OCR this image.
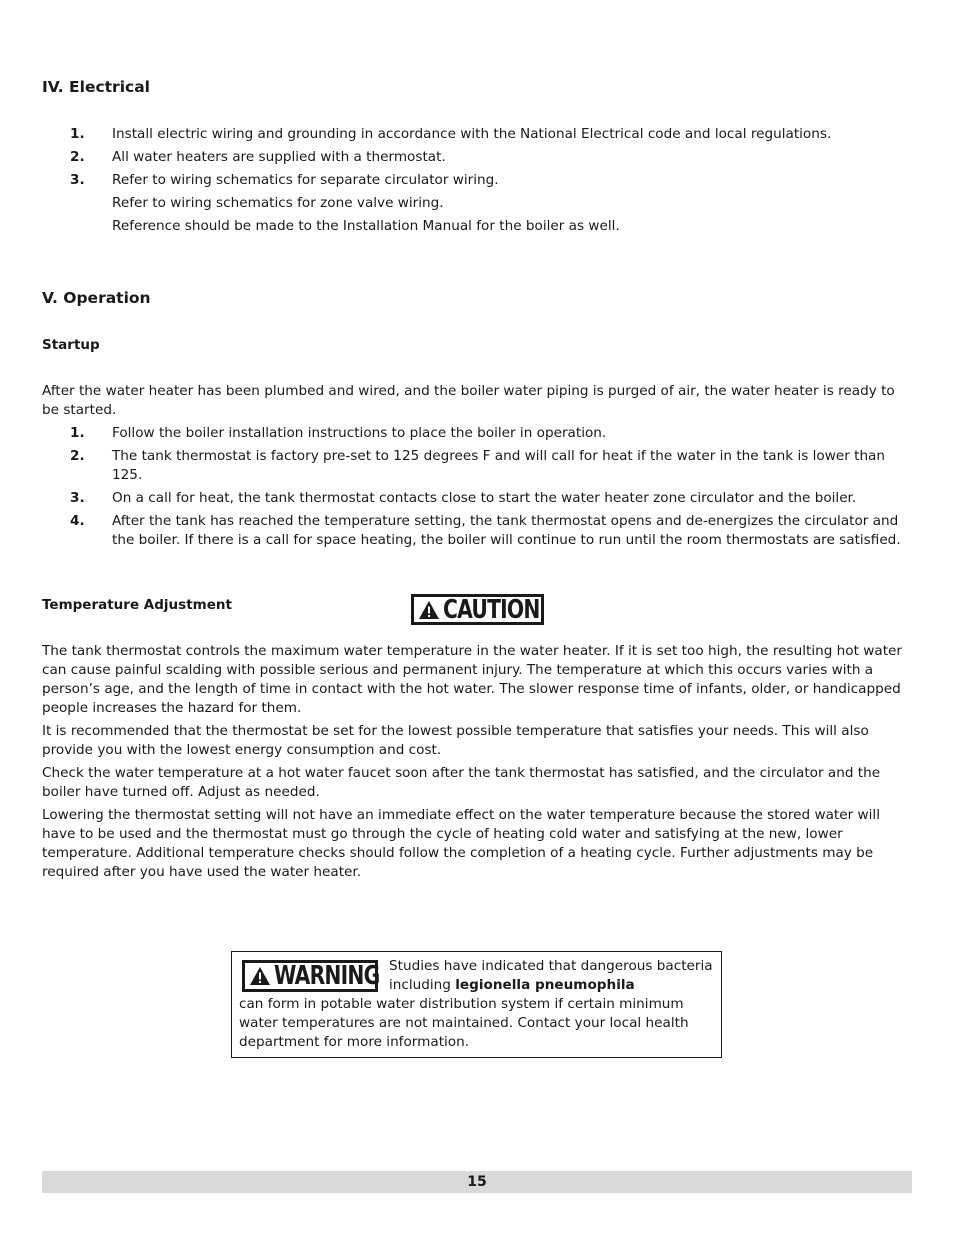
IV. Electrical
1.	Install electric wiring and grounding in accordance with the National Electrical code and local regulations.
2.	All water heaters are supplied with a thermostat.
3.	Refer to wiring schematics for separate circulator wiring.
Refer to wiring schematics for zone valve wiring.
Reference should be made to the Installation Manual for the boiler as well.
V. Operation
Startup

After the water heater has been plumbed and wired, and the boiler water piping is purged of air, the water heater is ready to be started.

1.	Follow the boiler installation instructions to place the boiler in operation.
2.	The tank thermostat is factory pre-set to 125 degrees F and will call for heat if the water in the tank is lower than 125.
3.	On a call for heat, the tank thermostat contacts close to start the water heater zone circulator and the boiler.
4.	After the tank has reached the temperature setting, the tank thermostat opens and de-energizes the circulator and the boiler. If there is a call for space heating, the boiler will continue to run until the room thermostats are satisfied.
Temperature Adjustment	CAUTION

The tank thermostat controls the maximum water temperature in the water heater. If it is set too high, the resulting hot water can cause painful scalding with possible serious and permanent injury. The temperature at which this occurs varies with a person’s age, and the length of time in contact with the hot water. The slower response time of infants, older, or handicapped people increases the hazard for them.

It is recommended that the thermostat be set for the lowest possible temperature that satisfies your needs. This will also provide you with the lowest energy consumption and cost.

Check the water temperature at a hot water faucet soon after the tank thermostat has satisfied, and the circulator and the boiler have turned off. Adjust as needed.

Lowering the thermostat setting will not have an immediate effect on the water temperature because the stored water will have to be used and the thermostat must go through the cycle of heating cold water and satisfying at the new, lower temperature. Additional temperature checks should follow the completion of a heating cycle. Further adjustments may be required after you have used the water heater.

WARNING Studies have indicated that dangerous bacteria including legionella pneumophila
can form in potable water distribution system if certain minimum water temperatures are not maintained. Contact your local health department for more information.
15
